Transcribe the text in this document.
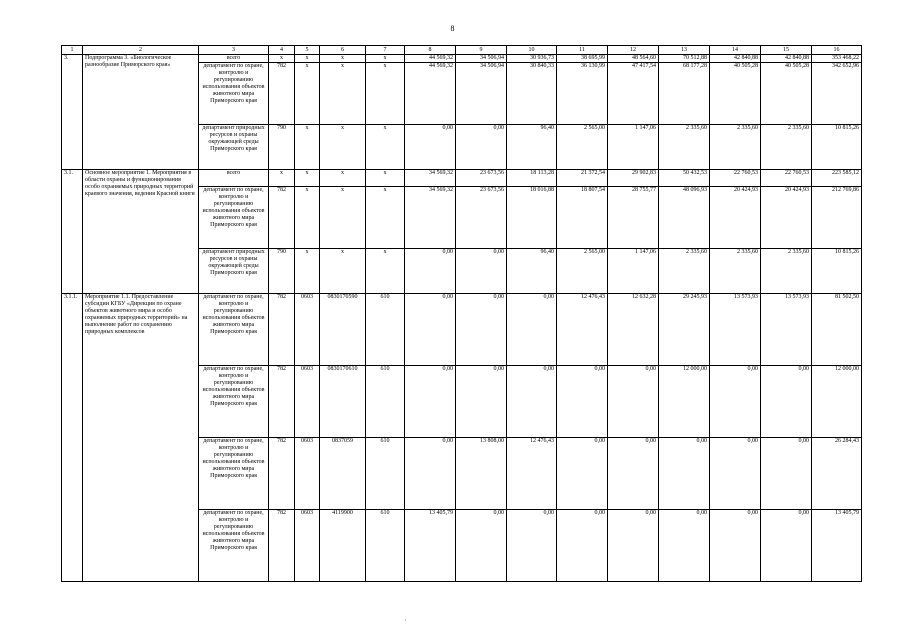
8
1	2	3	4	5	6	7	8	9	10	11	12	13	14	15	16
3.	Подпрограмма 3. «Биологическое разнообразие Приморского края»	всего	x	x	x	x	44 569,32	34 506,94	30 936,73	38 695,99	48 564,60	70 512,88	42 840,88	42 840,88	353 468,22
		департамент по охране, контролю и регулированию использования объектов животного мира Приморского края	782	x	x	x	44 569,32	34 506,94	30 840,33	36 130,99	47 417,54	68 177,28	40 505,28	40 505,28	342 652,96
		департамент природных ресурсов и охраны окружающей среды Приморского края	790	x	x	x	0,00	0,00	96,40	2 565,00	1 147,06	2 335,60	2 335,60	2 335,60	10 815,26
3.1.	Основное мероприятие 1. Мероприятия в области охраны и функционирования особо охраняемых природных территорий краевого значения, ведения Красной книги	всего	x	x	x	x	34 569,32	23 673,56	18 113,28	21 372,54	29 902,83	50 432,53	22 760,53	22 760,53	223 585,12
		департамент по охране, контролю и регулированию использования объектов животного мира Приморского края	782	x	x	x	34 569,32	23 673,56	18 016,88	18 807,54	28 755,77	48 096,93	20 424,93	20 424,93	212 769,86
		департамент природных ресурсов и охраны окружающей среды Приморского края	790	x	x	x	0,00	0,00	96,40	2 565,00	1 147,06	2 335,60	2 335,60	2 335,60	10 815,26
3.1.1.	Мероприятие 1.1. Предоставление субсидии КГБУ «Дирекция по охране объектов животного мира и особо охраняемых природных территорий» на выполнение работ по сохранению природных комплексов	департамент по охране, контролю и регулированию использования объектов животного мира Приморского края	782	0603	0830170590	610	0,00	0,00	0,00	12 476,43	12 632,28	29 245,93	13 573,93	13 573,93	81 502,50
		департамент по охране, контролю и регулированию использования объектов животного мира Приморского края	782	0603	0830170610	610	0,00	0,00	0,00	0,00	0,00	12 000,00	0,00	0,00	12 000,00
		департамент по охране, контролю и регулированию использования объектов животного мира Приморского края	782	0603	0837059	610	0,00	13 808,00	12 476,43	0,00	0,00	0,00	0,00	0,00	26 284,43
		департамент по охране, контролю и регулированию использования объектов животного мира Приморского края	782	0603	4119900	610	13 405,79	0,00	0,00	0,00	0,00	0,00	0,00	0,00	13 405,79
,
